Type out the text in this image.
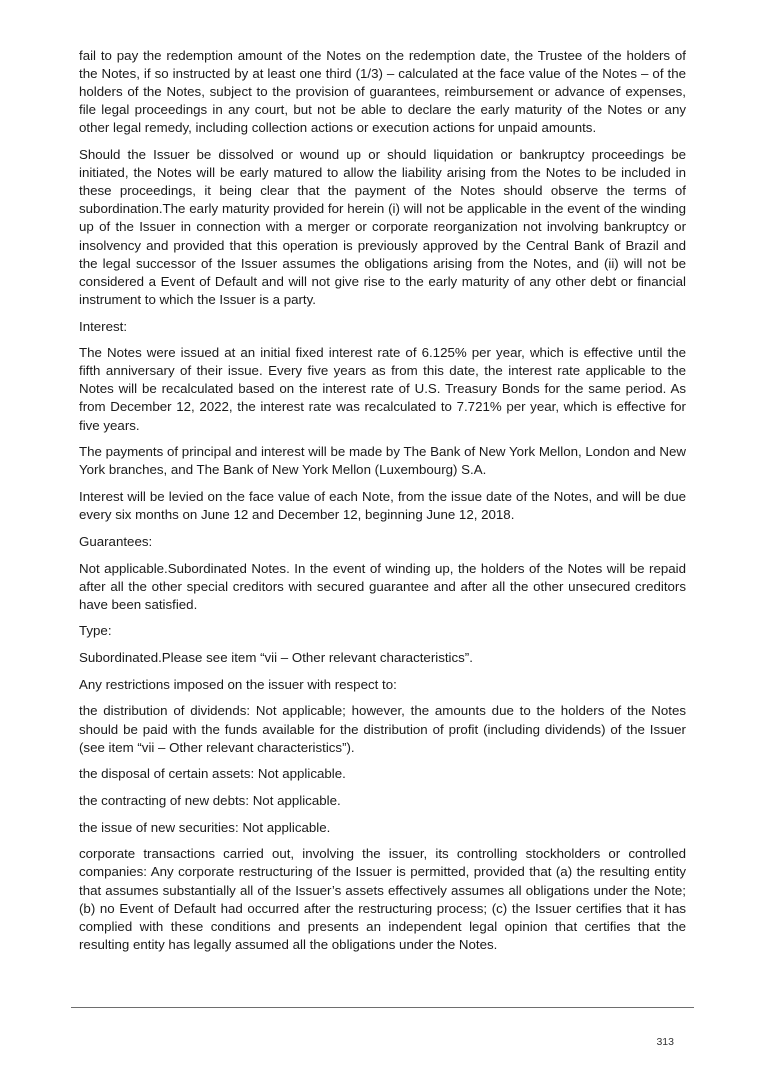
fail to pay the redemption amount of the Notes on the redemption date, the Trustee of the holders of the Notes, if so instructed by at least one third (1/3) – calculated at the face value of the Notes – of the holders of the Notes, subject to the provision of guarantees, reimbursement or advance of expenses, file legal proceedings in any court, but not be able to declare the early maturity of the Notes or any other legal remedy, including collection actions or execution actions for unpaid amounts.

Should the Issuer be dissolved or wound up or should liquidation or bankruptcy proceedings be initiated, the Notes will be early matured to allow the liability arising from the Notes to be included in these proceedings, it being clear that the payment of the Notes should observe the terms of subordination.The early maturity provided for herein (i) will not be applicable in the event of the winding up of the Issuer in connection with a merger or corporate reorganization not involving bankruptcy or insolvency and provided that this operation is previously approved by the Central Bank of Brazil and the legal successor of the Issuer assumes the obligations arising from the Notes, and (ii) will not be considered a Event of Default and will not give rise to the early maturity of any other debt or financial instrument to which the Issuer is a party.

Interest:

The Notes were issued at an initial fixed interest rate of 6.125% per year, which is effective until the fifth anniversary of their issue. Every five years as from this date, the interest rate applicable to the Notes will be recalculated based on the interest rate of U.S. Treasury Bonds for the same period. As from December 12, 2022, the interest rate was recalculated to 7.721% per year, which is effective for five years.

The payments of principal and interest will be made by The Bank of New York Mellon, London and New York branches, and The Bank of New York Mellon (Luxembourg) S.A.

Interest will be levied on the face value of each Note, from the issue date of the Notes, and will be due every six months on June 12 and December 12, beginning June 12, 2018.

Guarantees:

Not applicable.Subordinated Notes. In the event of winding up, the holders of the Notes will be repaid after all the other special creditors with secured guarantee and after all the other unsecured creditors have been satisfied.

Type:

Subordinated.Please see item “vii – Other relevant characteristics”.

Any restrictions imposed on the issuer with respect to:

the distribution of dividends: Not applicable; however, the amounts due to the holders of the Notes should be paid with the funds available for the distribution of profit (including dividends) of the Issuer (see item “vii – Other relevant characteristics”).

the disposal of certain assets: Not applicable.

the contracting of new debts: Not applicable.

the issue of new securities: Not applicable.

corporate transactions carried out, involving the issuer, its controlling stockholders or controlled companies: Any corporate restructuring of the Issuer is permitted, provided that (a) the resulting entity that assumes substantially all of the Issuer’s assets effectively assumes all obligations under the Note; (b) no Event of Default had occurred after the restructuring process; (c) the Issuer certifies that it has complied with these conditions and presents an independent legal opinion that certifies that the resulting entity has legally assumed all the obligations under the Notes.

313
